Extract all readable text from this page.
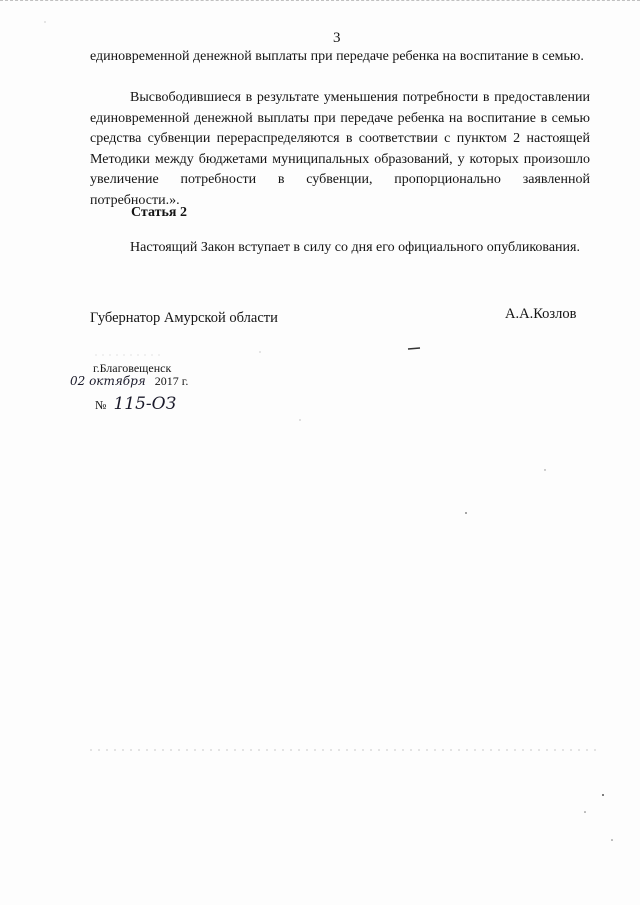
3

единовременной денежной выплаты при передаче ребенка на воспитание в семью.

Высвободившиеся в результате уменьшения потребности в предоставлении единовременной денежной выплаты при передаче ребенка на воспитание в семью средства субвенции перераспределяются в соответствии с пунктом 2 настоящей Методики между бюджетами муниципальных образований, у которых произошло увеличение потребности в субвенции, пропорционально заявленной потребности.».

Статья 2

Настоящий Закон вступает в силу со дня его официального опубликования.

Губернатор Амурской области	А.А.Козлов
г.Благовещенск
02 октября 2017 г.
№ 115-ОЗ
